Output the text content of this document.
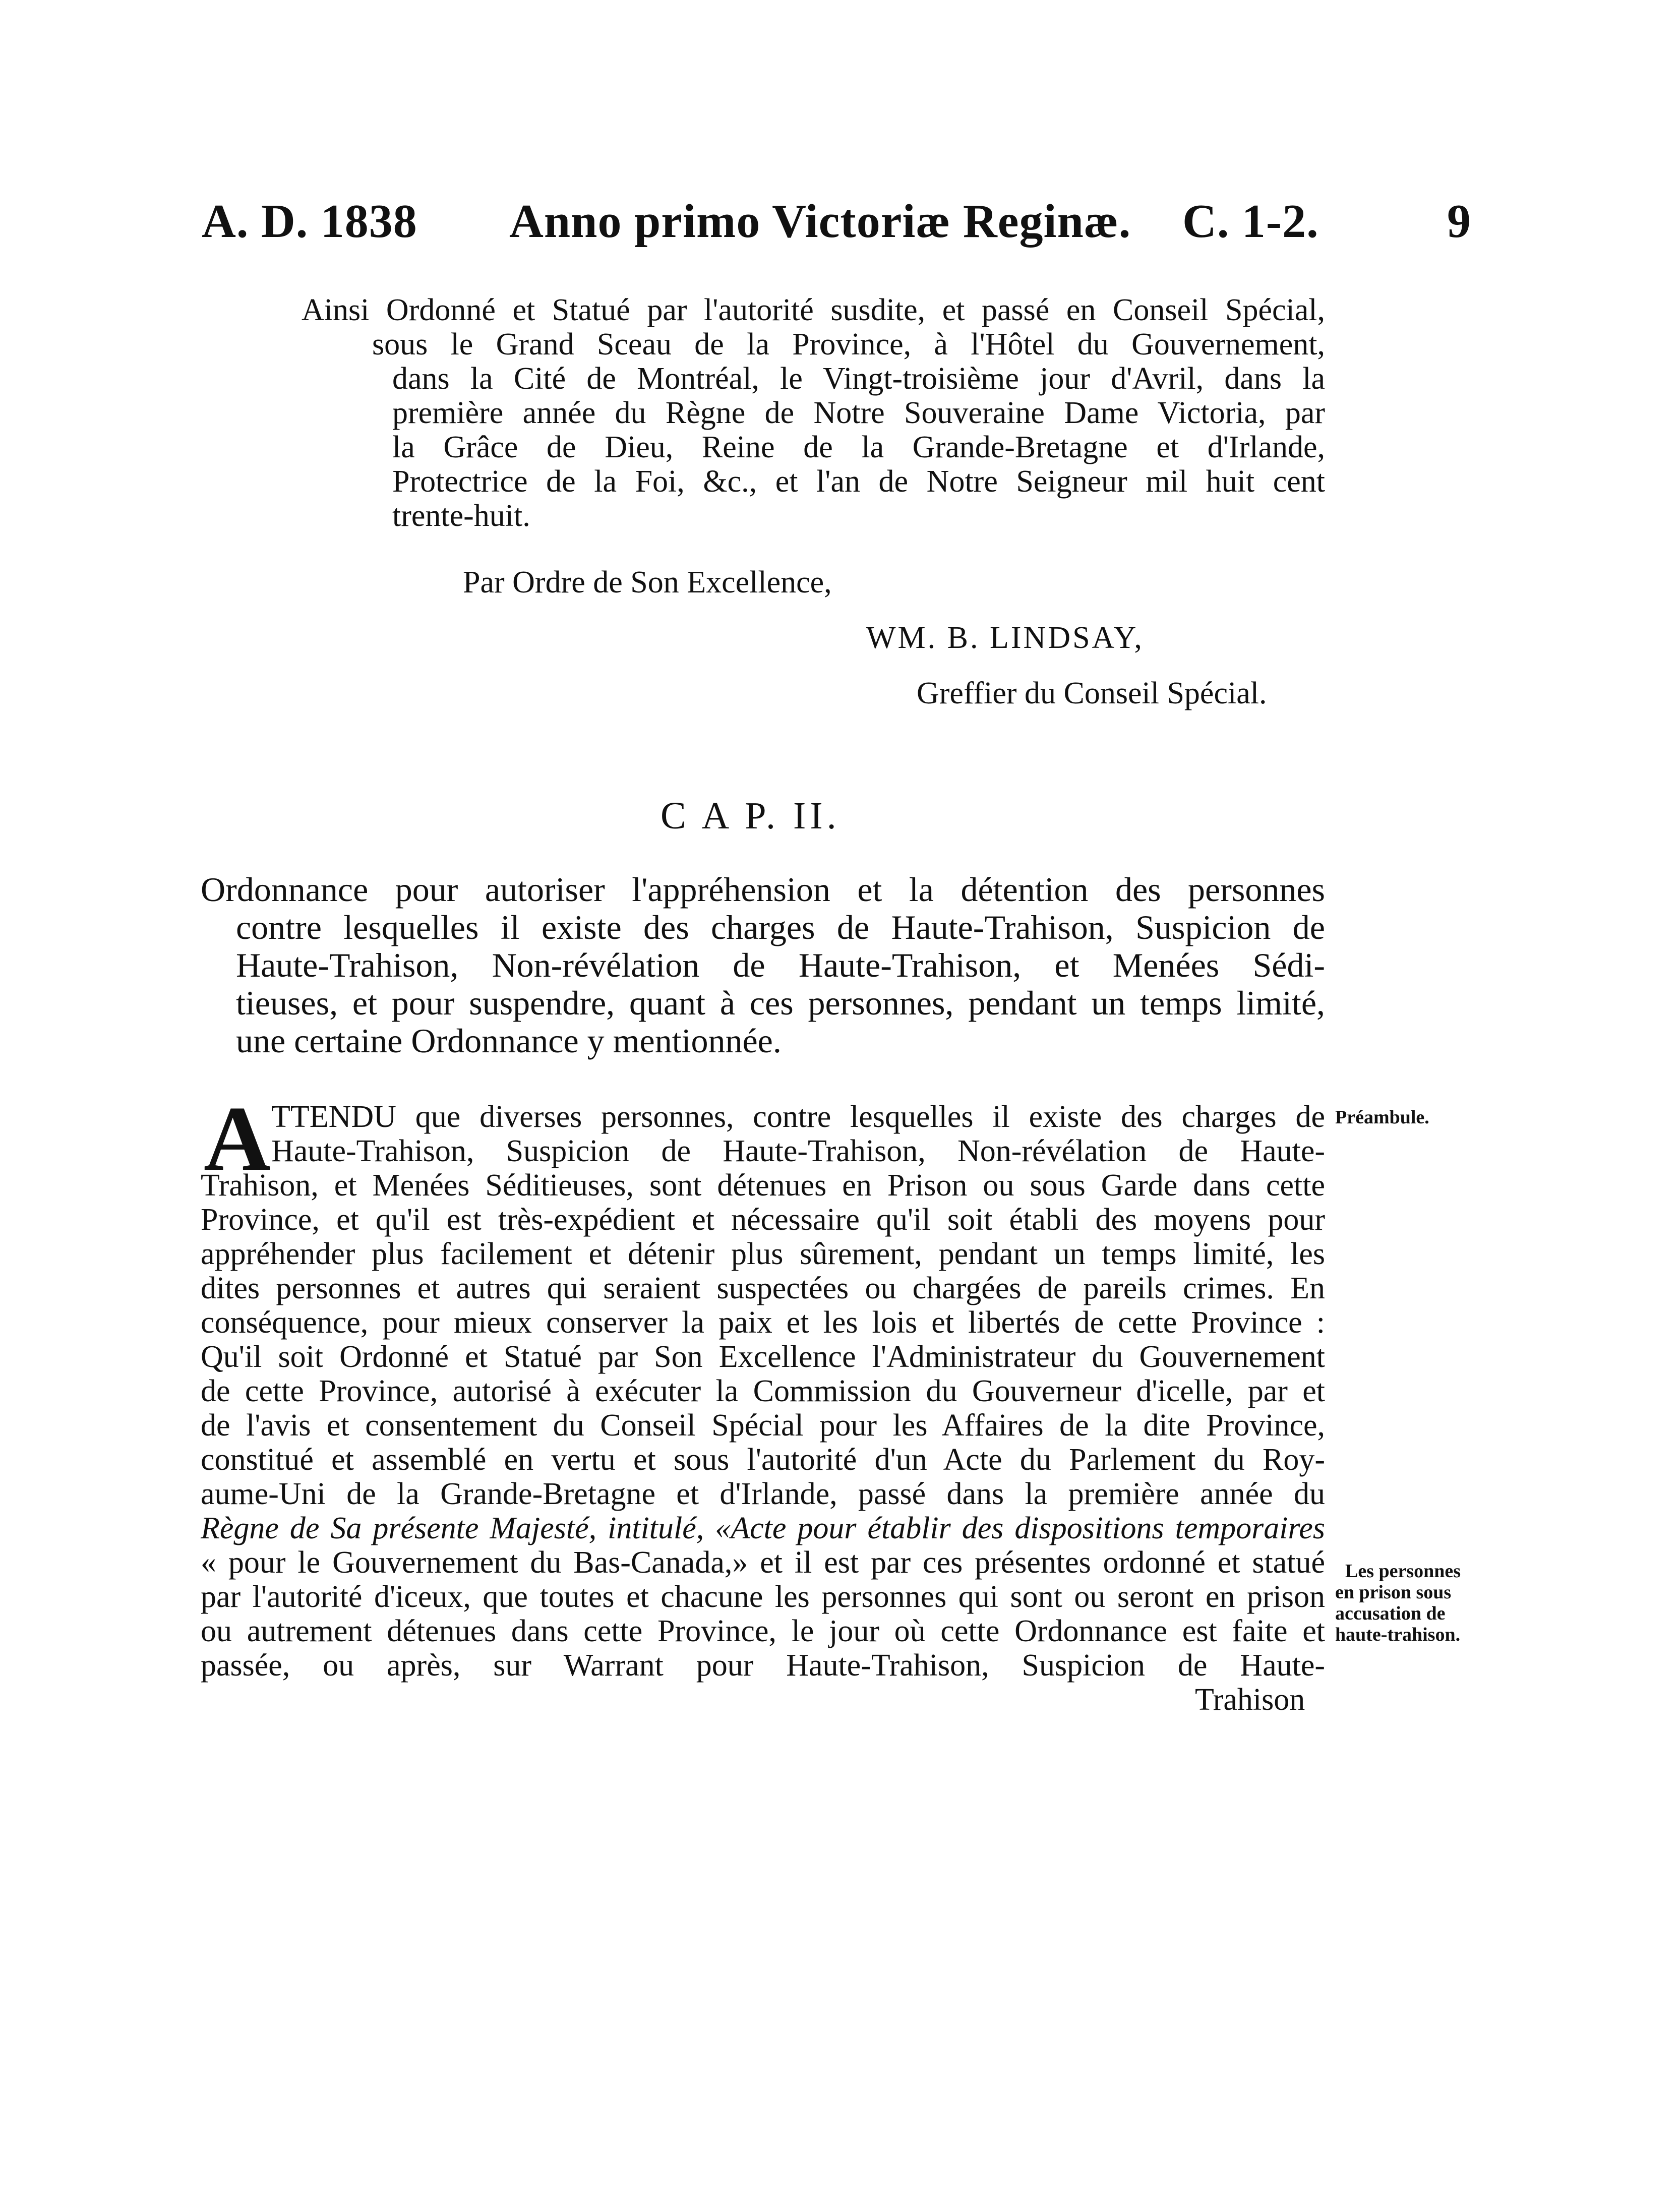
A. D. 1838 Anno primo Victoriæ Reginæ. C. 1-2.	9
Ainsi Ordonné et Statué par l'autorité susdite, et passé en Conseil Spécial,
sous le Grand Sceau de la Province, à l'Hôtel du Gouvernement,
dans la Cité de Montréal, le Vingt-troisième jour d'Avril, dans la
première année du Règne de Notre Souveraine Dame Victoria, par
la Grâce de Dieu, Reine de la Grande-Bretagne et d'Irlande,
Protectrice de la Foi, &c., et l'an de Notre Seigneur mil huit cent
trente-huit.
Par Ordre de Son Excellence,
WM. B. LINDSAY,
Greffier du Conseil Spécial.
C A P. II.
Ordonnance pour autoriser l'appréhension et la détention des personnes
contre lesquelles il existe des charges de Haute-Trahison, Suspicion de
Haute-Trahison, Non-révélation de Haute-Trahison, et Menées Sédi-
tieuses, et pour suspendre, quant à ces personnes, pendant un temps limité,
une certaine Ordonnance y mentionnée.
A TTENDU que diverses personnes, contre lesquelles il existe des charges de
Haute-Trahison, Suspicion de Haute-Trahison, Non-révélation de Haute-
Trahison, et Menées Séditieuses, sont détenues en Prison ou sous Garde dans cette
Province, et qu'il est très-expédient et nécessaire qu'il soit établi des moyens pour
appréhender plus facilement et détenir plus sûrement, pendant un temps limité, les
dites personnes et autres qui seraient suspectées ou chargées de pareils crimes. En
conséquence, pour mieux conserver la paix et les lois et libertés de cette Province :
Qu'il soit Ordonné et Statué par Son Excellence l'Administrateur du Gouvernement
de cette Province, autorisé à exécuter la Commission du Gouverneur d'icelle, par et
de l'avis et consentement du Conseil Spécial pour les Affaires de la dite Province,
constitué et assemblé en vertu et sous l'autorité d'un Acte du Parlement du Roy-
aume-Uni de la Grande-Bretagne et d'Irlande, passé dans la première année du
Règne de Sa présente Majesté, intitulé, «Acte pour établir des dispositions temporaires
« pour le Gouvernement du Bas-Canada,» et il est par ces présentes ordonné et statué
par l'autorité d'iceux, que toutes et chacune les personnes qui sont ou seront en prison
ou autrement détenues dans cette Province, le jour où cette Ordonnance est faite et
passée, ou après, sur Warrant pour Haute-Trahison, Suspicion de Haute-
Trahison
Préambule.
Les personnes
en prison sous
accusation de
haute-trahison.
